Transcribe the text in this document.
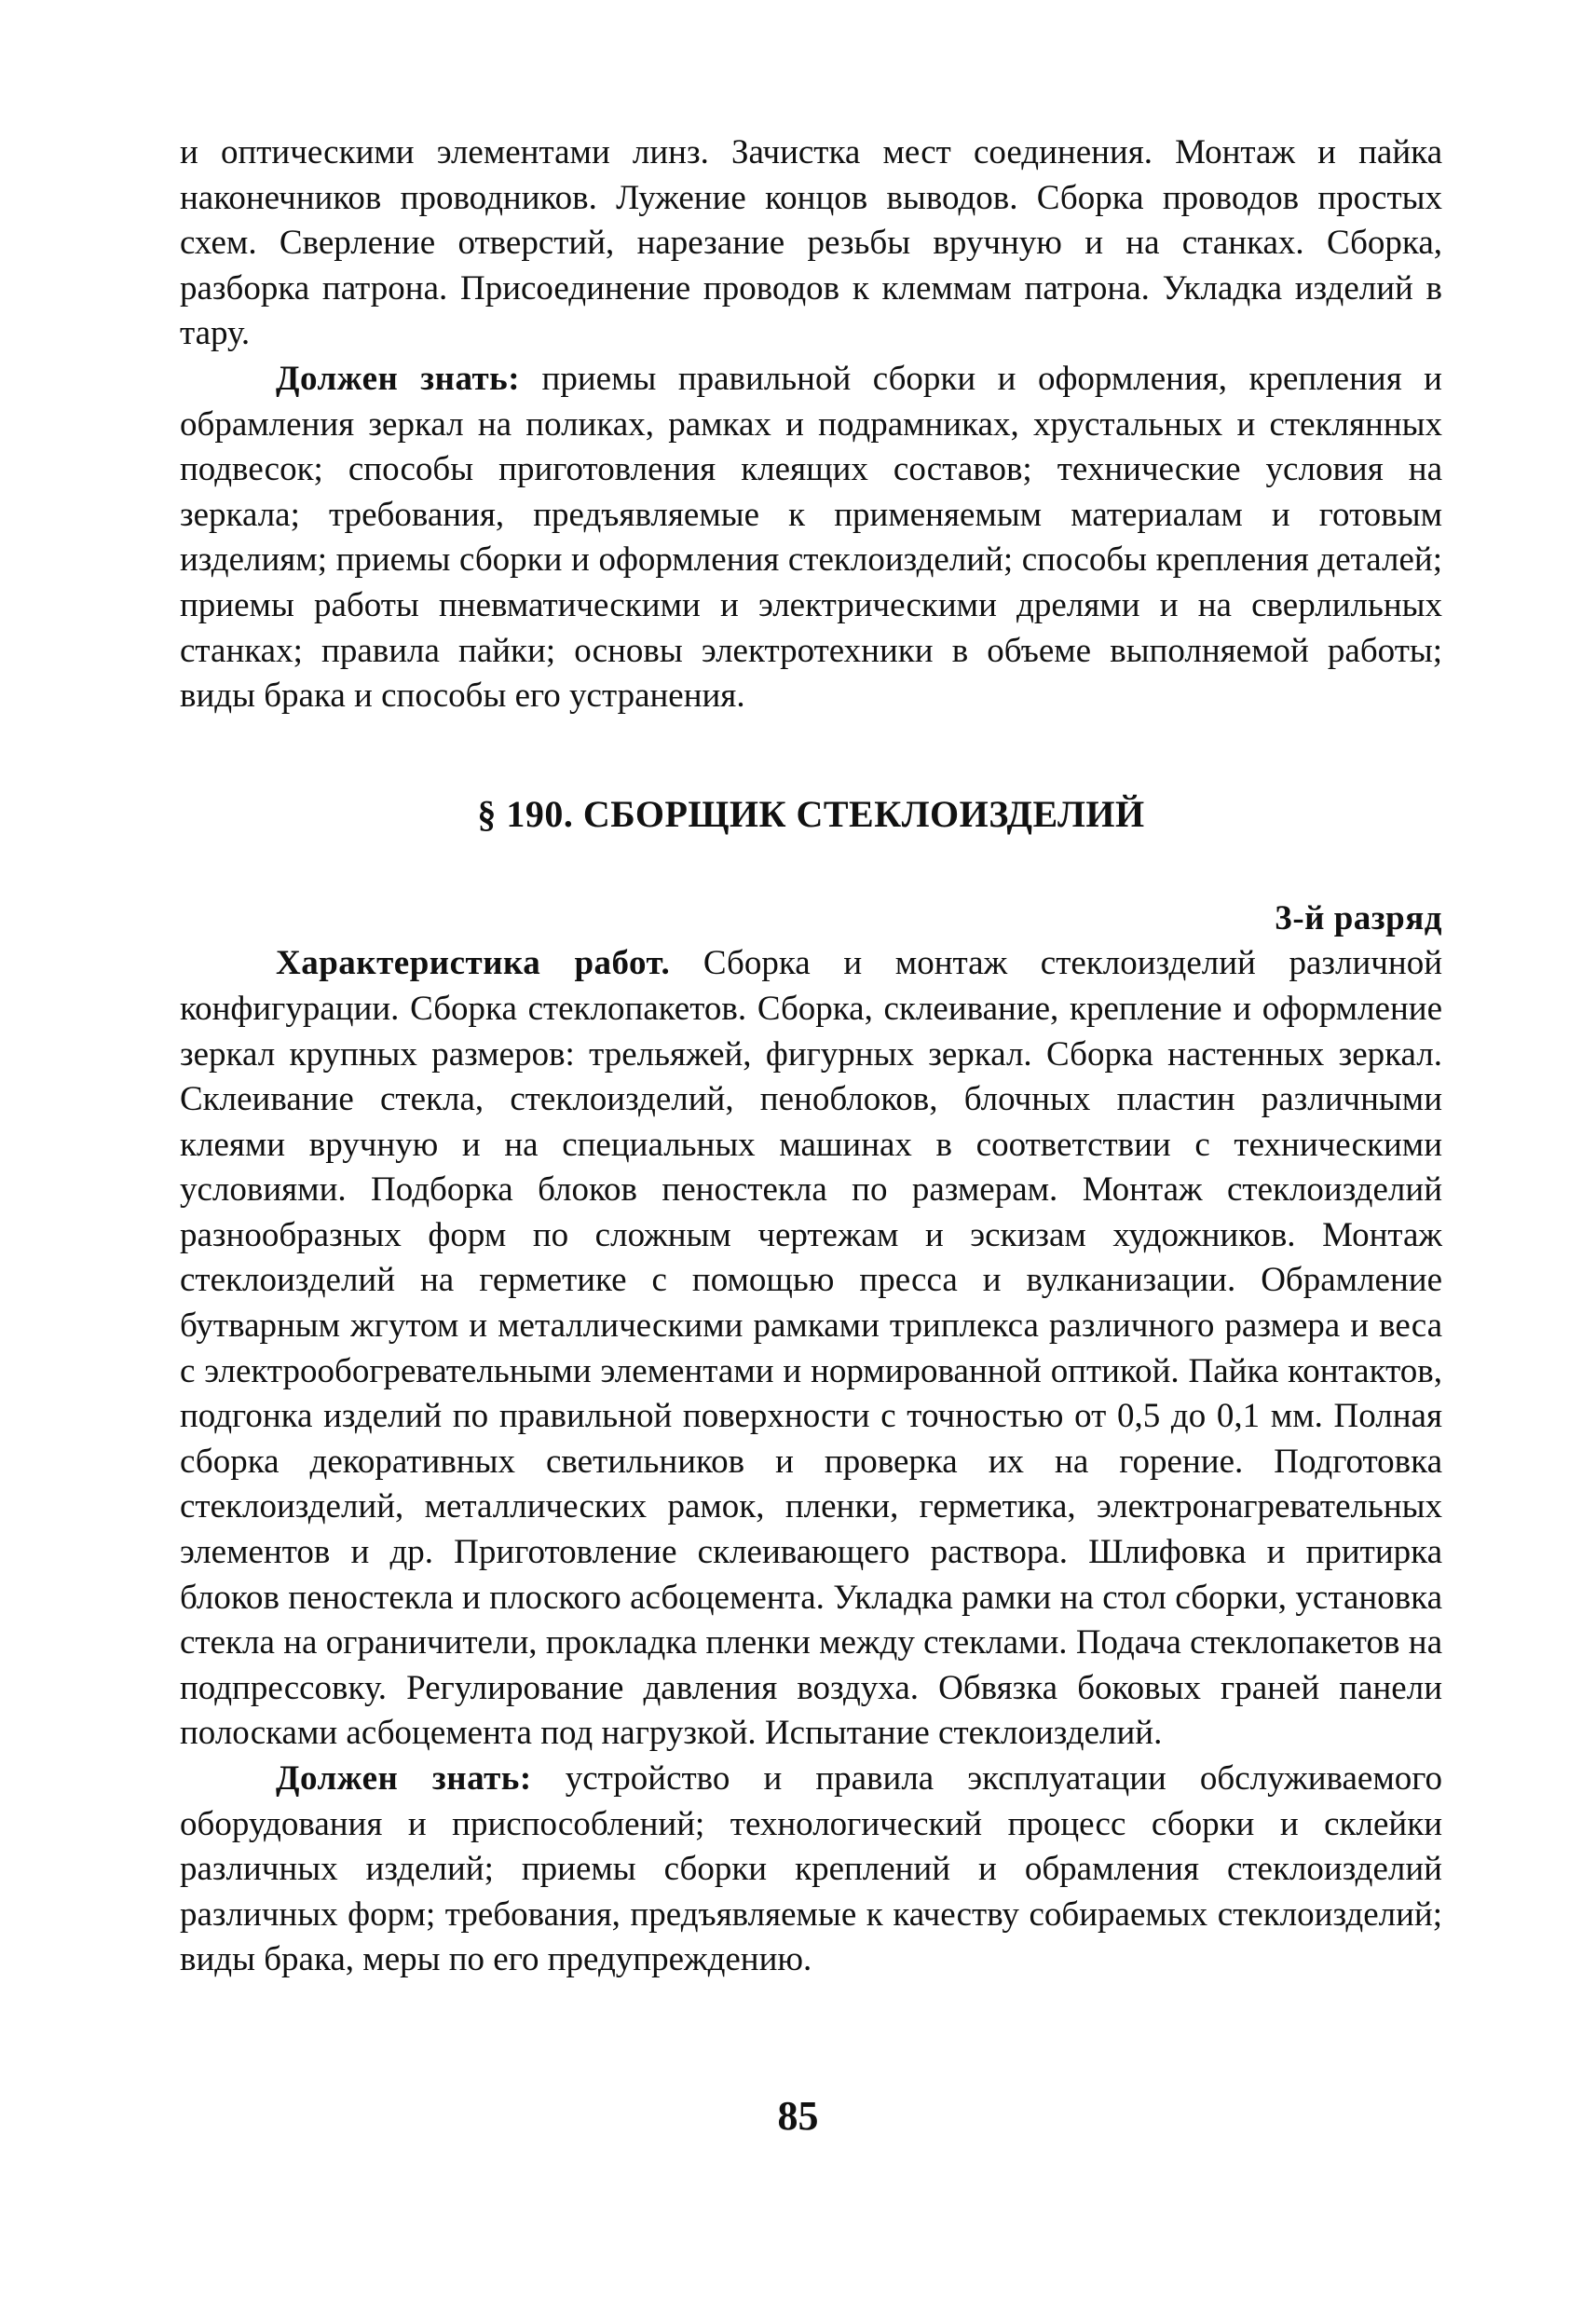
и оптическими элементами линз. Зачистка мест соединения. Монтаж и пайка наконечников проводников. Лужение концов выводов. Сборка проводов простых схем. Сверление отверстий, нарезание резьбы вручную и на станках. Сборка, разборка патрона. Присоединение проводов к клеммам патрона. Укладка изделий в тару.

Должен знать: приемы правильной сборки и оформления, крепления и обрамления зеркал на поликах, рамках и подрамниках, хрустальных и стеклянных подвесок; способы приготовления клеящих составов; технические условия на зеркала; требования, предъявляемые к применяемым материалам и готовым изделиям; приемы сборки и оформления стеклоизделий; способы крепления деталей; приемы работы пневматическими и электрическими дрелями и на сверлильных станках; правила пайки; основы электротехники в объеме выполняемой работы; виды брака и способы его устранения.

§ 190. СБОРЩИК СТЕКЛОИЗДЕЛИЙ
3-й разряд

Характеристика работ. Сборка и монтаж стеклоизделий различной конфигурации. Сборка стеклопакетов. Сборка, склеивание, крепление и оформление зеркал крупных размеров: трельяжей, фигурных зеркал. Сборка настенных зеркал. Склеивание стекла, стеклоизделий, пеноблоков, блочных пластин различными клеями вручную и на специальных машинах в соответствии с техническими условиями. Подборка блоков пеностекла по размерам. Монтаж стеклоизделий разнообразных форм по сложным чертежам и эскизам художников. Монтаж стеклоизделий на герметике с помощью пресса и вулканизации. Обрамление бутварным жгутом и металлическими рамками триплекса различного размера и веса с электрообогревательными элементами и нормированной оптикой. Пайка контактов, подгонка изделий по правильной поверхности с точностью от 0,5 до 0,1 мм. Полная сборка декоративных светильников и проверка их на горение. Подготовка стеклоизделий, металлических рамок, пленки, герметика, электронагревательных элементов и др. Приготовление склеивающего раствора. Шлифовка и притирка блоков пеностекла и плоского асбоцемента. Укладка рамки на стол сборки, установка стекла на ограничители, прокладка пленки между стеклами. Подача стеклопакетов на подпрессовку. Регулирование давления воздуха. Обвязка боковых граней панели полосками асбоцемента под нагрузкой. Испытание стеклоизделий.

Должен знать: устройство и правила эксплуатации обслуживаемого оборудования и приспособлений; технологический процесс сборки и склейки различных изделий; приемы сборки креплений и обрамления стеклоизделий различных форм; требования, предъявляемые к качеству собираемых стеклоизделий; виды брака, меры по его предупреждению.

85
